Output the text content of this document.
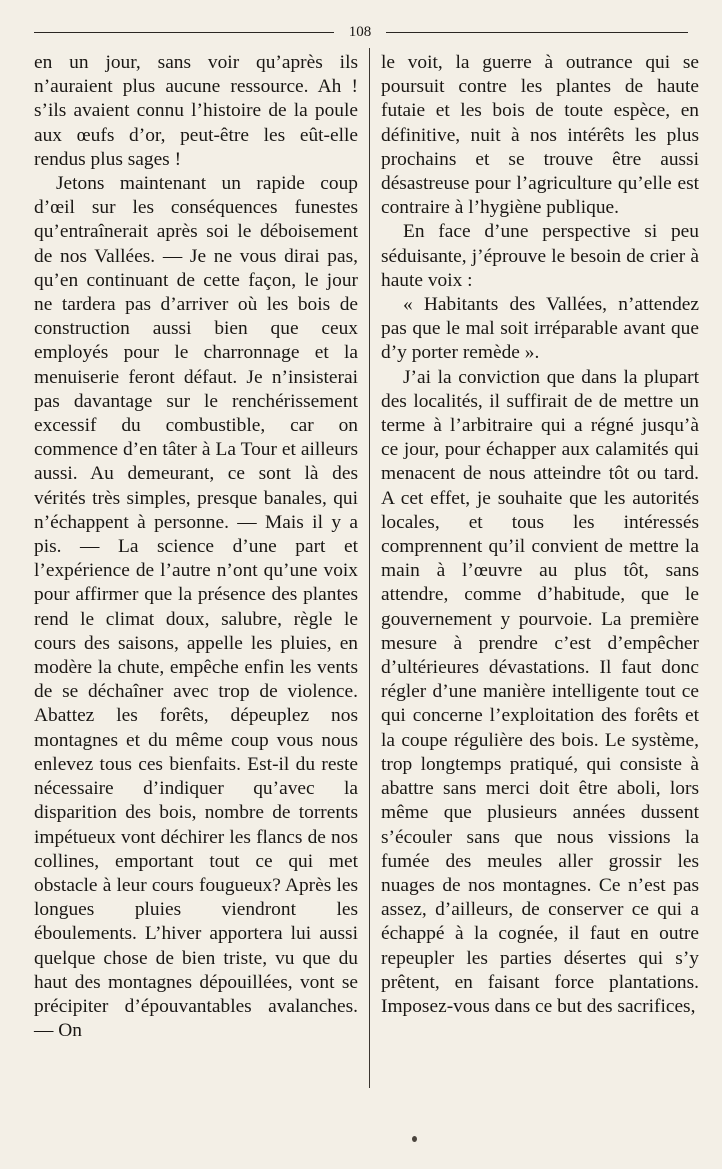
108

en un jour, sans voir qu’après ils n’auraient plus aucune ressource. Ah ! s’ils avaient connu l’histoire de la poule aux œufs d’or, peut-être les eût-elle rendus plus sages !

Jetons maintenant un rapide coup d’œil sur les conséquences funestes qu’entraînerait après soi le déboisement de nos Vallées. — Je ne vous dirai pas, qu’en continuant de cette façon, le jour ne tardera pas d’arriver où les bois de construction aussi bien que ceux employés pour le charronnage et la menuiserie feront défaut. Je n’insisterai pas davantage sur le renchérissement excessif du combustible, car on commence d’en tâter à La Tour et ailleurs aussi. Au demeurant, ce sont là des vérités très simples, presque banales, qui n’échappent à personne. — Mais il y a pis. — La science d’une part et l’expérience de l’autre n’ont qu’une voix pour affirmer que la présence des plantes rend le climat doux, salubre, règle le cours des saisons, appelle les pluies, en modère la chute, empêche enfin les vents de se déchaîner avec trop de violence. Abattez les forêts, dépeuplez nos montagnes et du même coup vous nous enlevez tous ces bienfaits. Est-il du reste nécessaire d’indiquer qu’avec la disparition des bois, nombre de torrents impétueux vont déchirer les flancs de nos collines, emportant tout ce qui met obstacle à leur cours fougueux? Après les longues pluies viendront les éboulements. L’hiver apportera lui aussi quelque chose de bien triste, vu que du haut des montagnes dépouillées, vont se précipiter d’épouvantables avalanches. — On

le voit, la guerre à outrance qui se poursuit contre les plantes de haute futaie et les bois de toute espèce, en définitive, nuit à nos intérêts les plus prochains et se trouve être aussi désastreuse pour l’agriculture qu’elle est contraire à l’hygiène publique.

En face d’une perspective si peu séduisante, j’éprouve le besoin de crier à haute voix :

« Habitants des Vallées, n’attendez pas que le mal soit irréparable avant que d’y porter remède ».

J’ai la conviction que dans la plupart des localités, il suffirait de de mettre un terme à l’arbitraire qui a régné jusqu’à ce jour, pour échapper aux calamités qui menacent de nous atteindre tôt ou tard. A cet effet, je souhaite que les autorités locales, et tous les intéressés comprennent qu’il convient de mettre la main à l’œuvre au plus tôt, sans attendre, comme d’habitude, que le gouvernement y pourvoie. La première mesure à prendre c’est d’empêcher d’ultérieures dévastations. Il faut donc régler d’une manière intelligente tout ce qui concerne l’exploitation des forêts et la coupe régulière des bois. Le système, trop longtemps pratiqué, qui consiste à abattre sans merci doit être aboli, lors même que plusieurs années dussent s’écouler sans que nous vissions la fumée des meules aller grossir les nuages de nos montagnes. Ce n’est pas assez, d’ailleurs, de conserver ce qui a échappé à la cognée, il faut en outre repeupler les parties désertes qui s’y prêtent, en faisant force plantations. Imposez-vous dans ce but des sacrifices,
